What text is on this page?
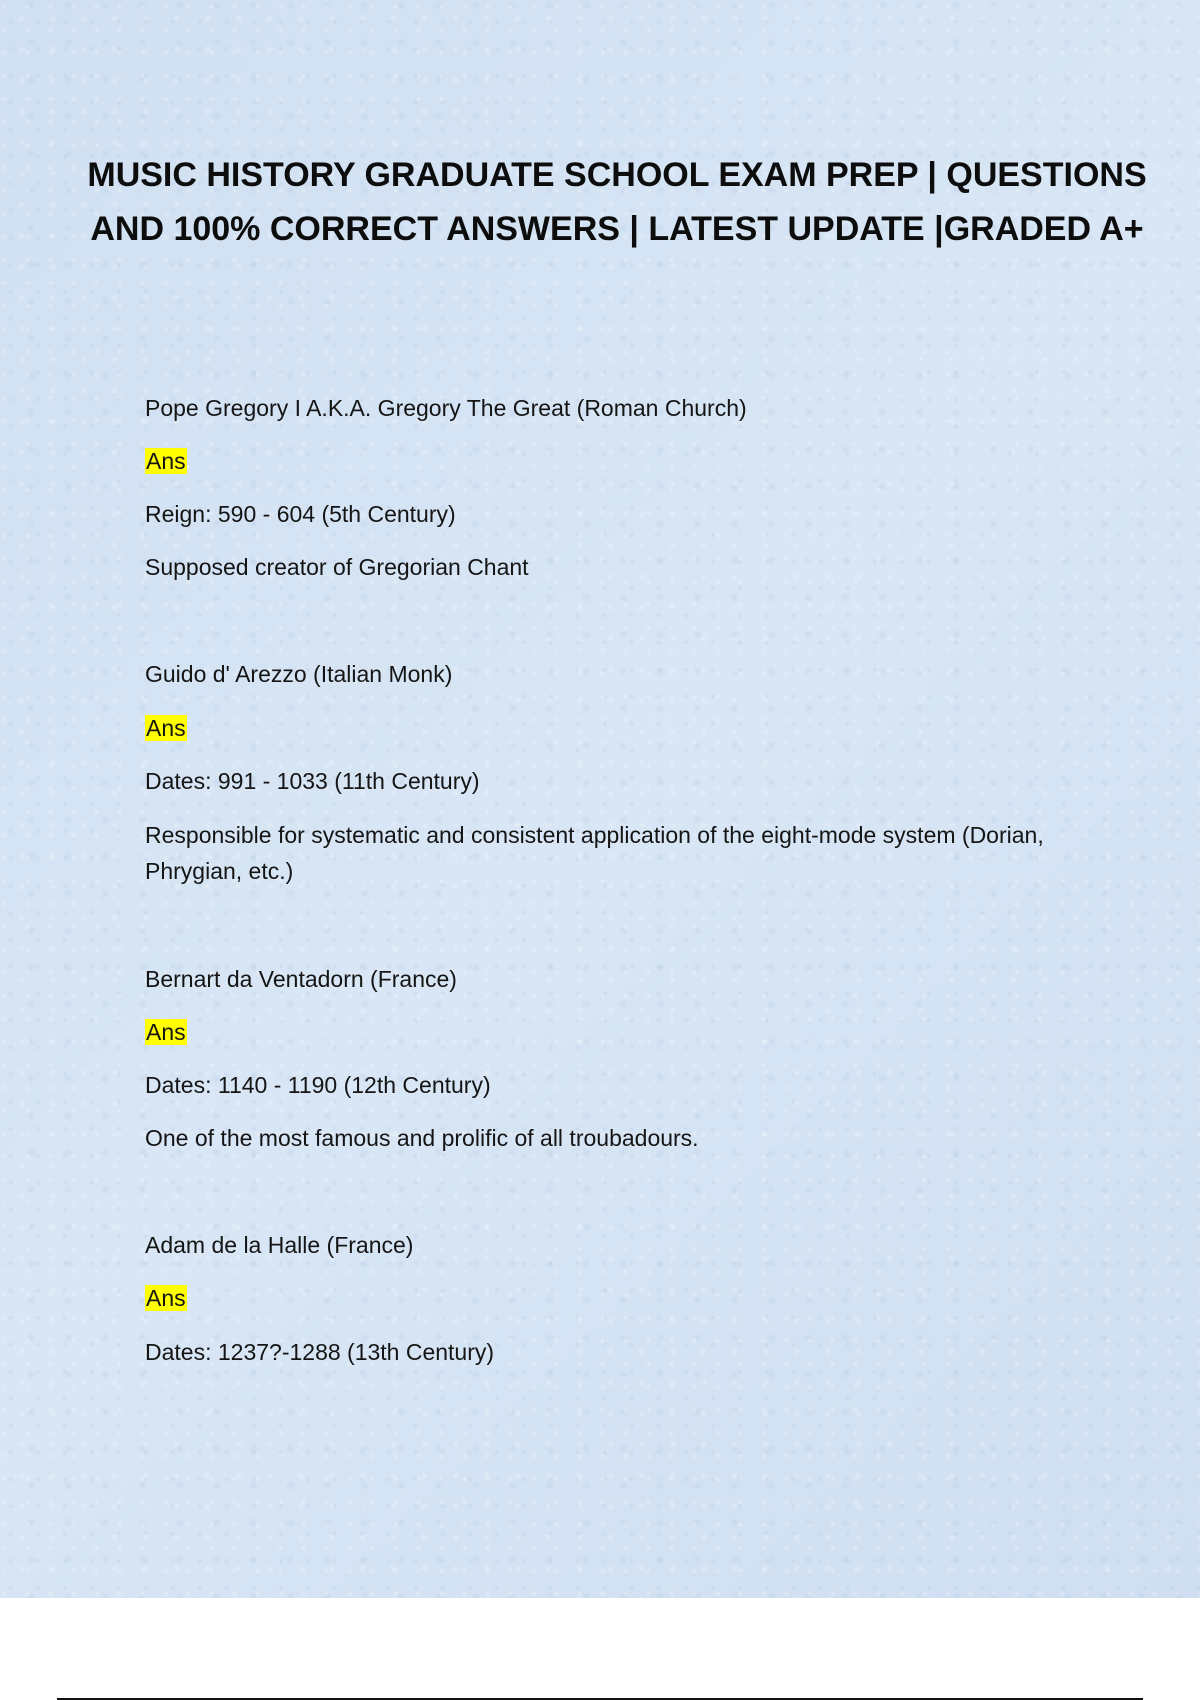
MUSIC HISTORY GRADUATE SCHOOL EXAM PREP | QUESTIONS AND 100% CORRECT ANSWERS | LATEST UPDATE |GRADED A+

Pope Gregory I A.K.A. Gregory The Great (Roman Church)

Ans

Reign: 590 - 604 (5th Century)

Supposed creator of Gregorian Chant

Guido d' Arezzo (Italian Monk)

Ans

Dates: 991 - 1033 (11th Century)

Responsible for systematic and consistent application of the eight-mode system (Dorian, Phrygian, etc.)

Bernart da Ventadorn (France)

Ans

Dates: 1140 - 1190 (12th Century)

One of the most famous and prolific of all troubadours.

Adam de la Halle (France)

Ans

Dates: 1237?-1288 (13th Century)
